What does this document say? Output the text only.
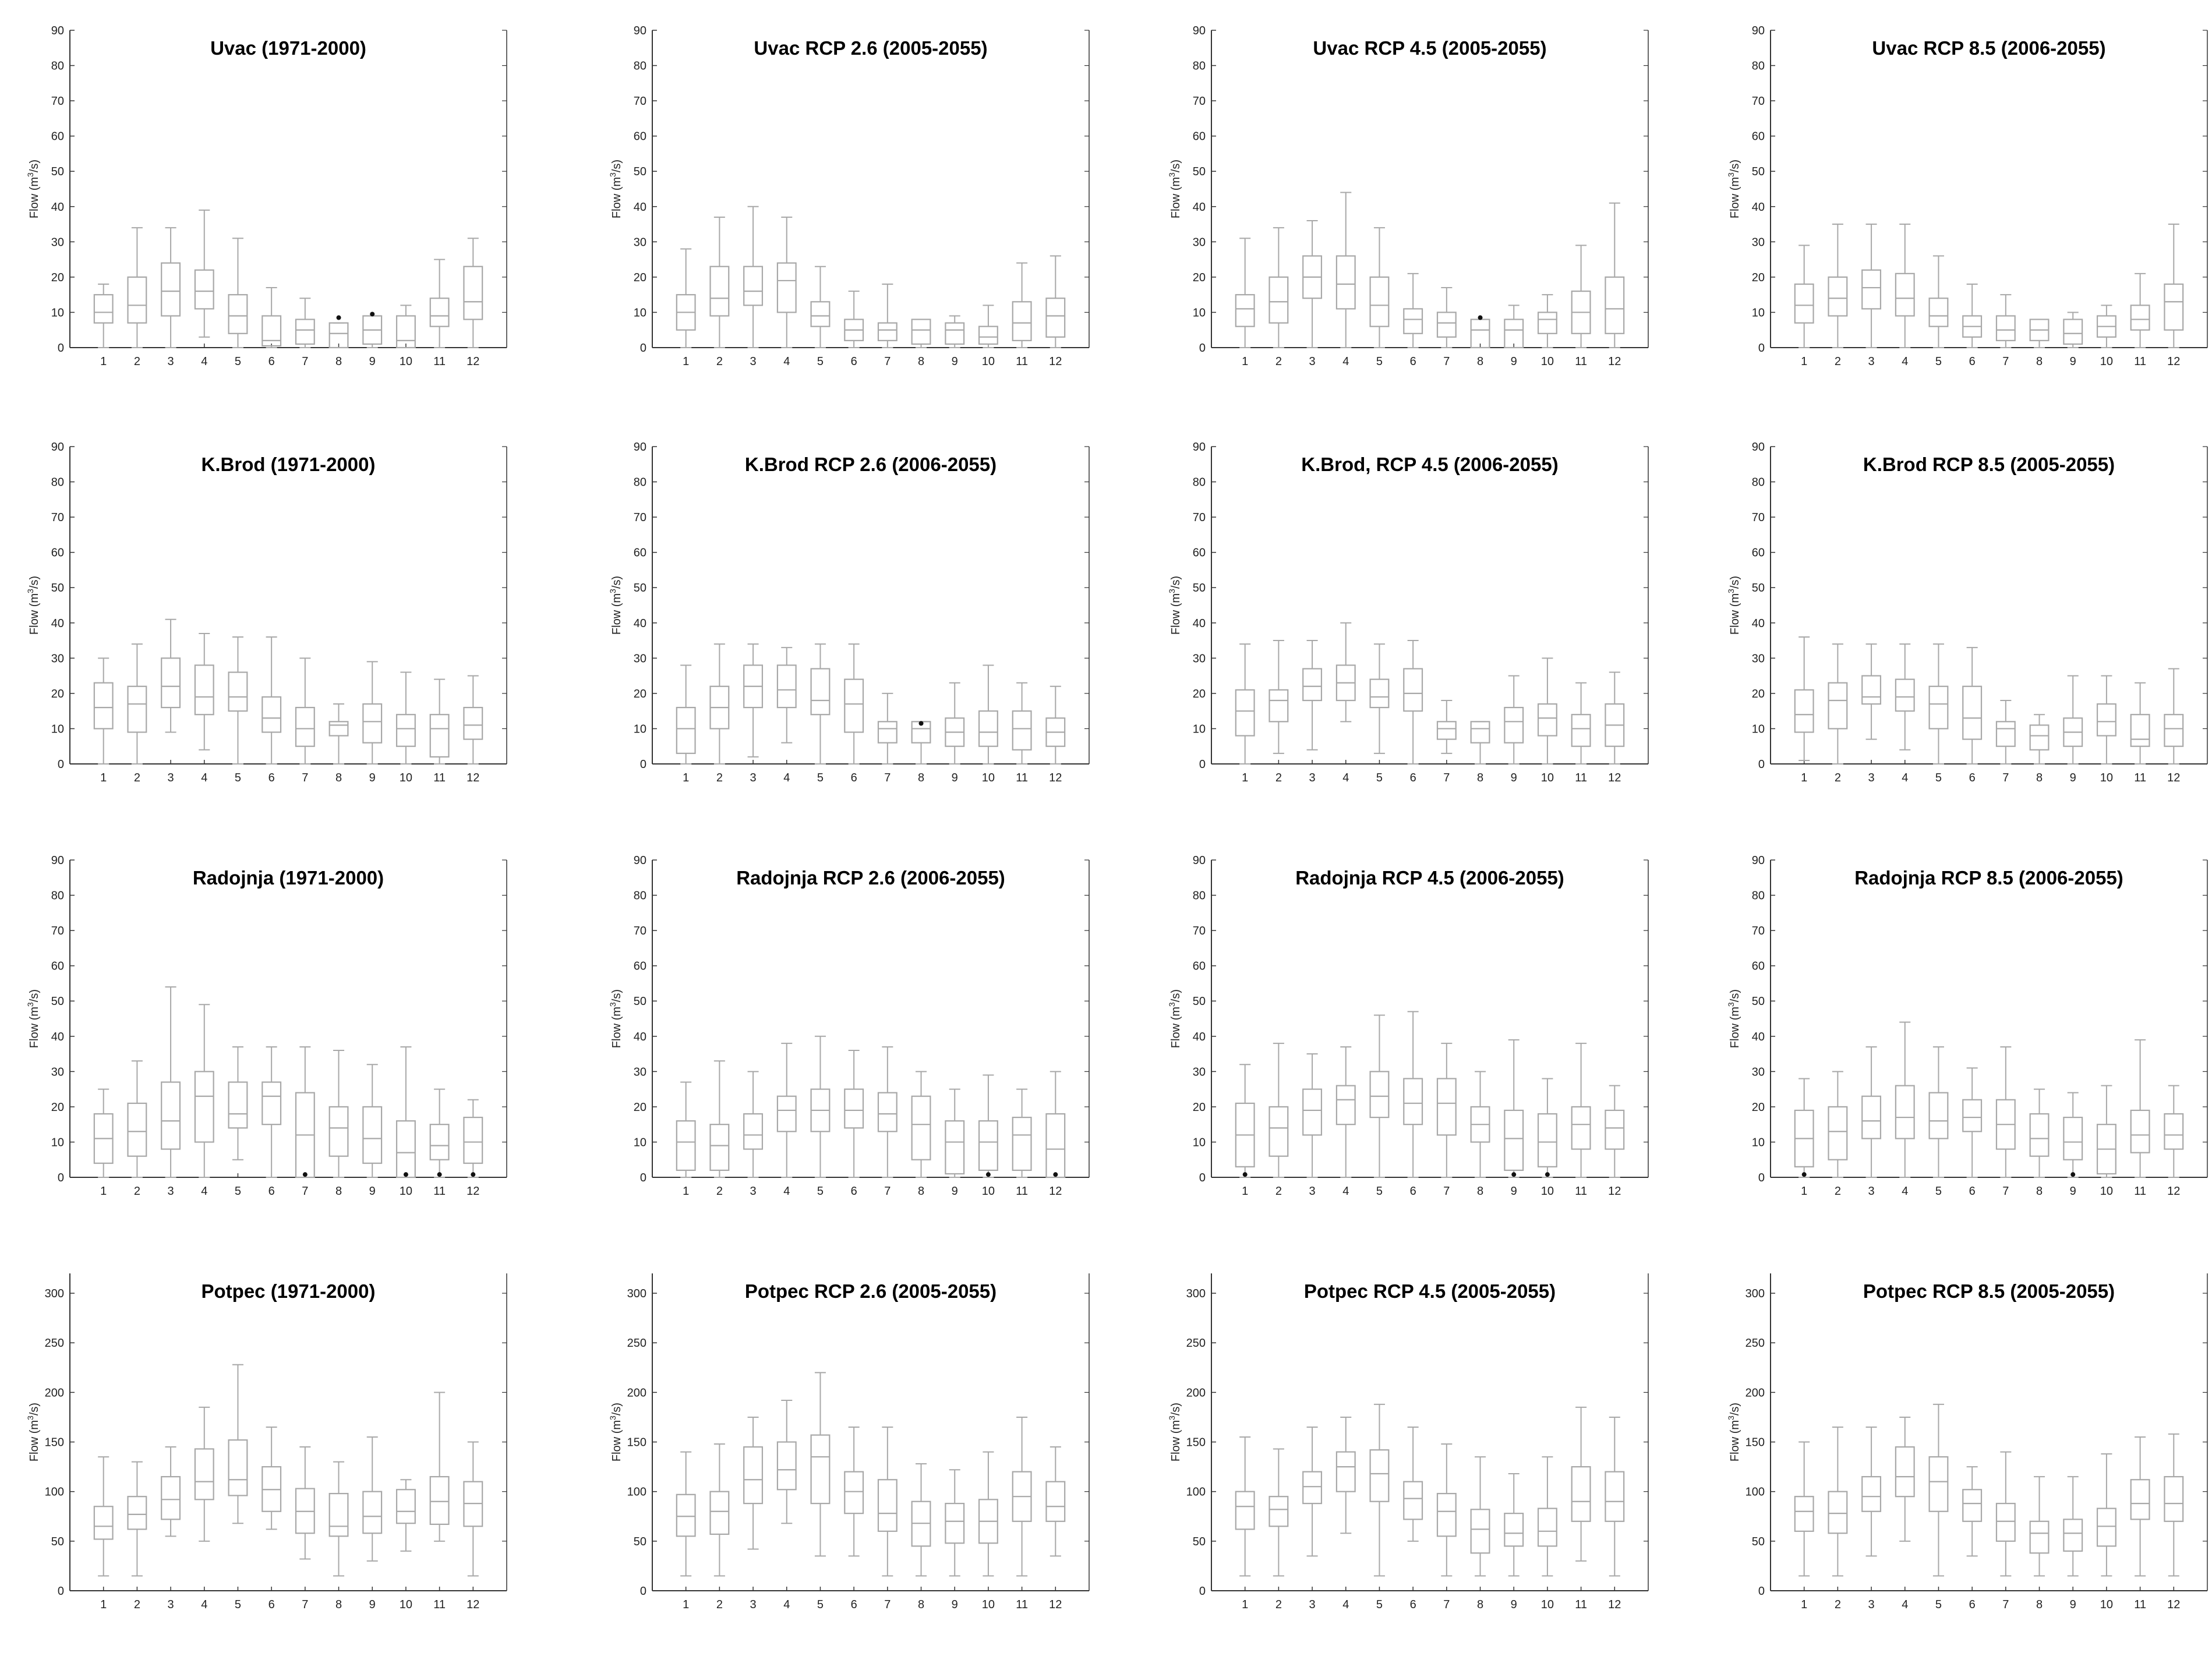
Uvac (1971-2000)
0
10
20
30
40
50
60
70
80
90
Flow $(m^3/s)$
1 2 3 4 5 6 7 8 9 10 11 12
Uvac RCP 2.6 (2005-2055)
0
10
20
30
40
50
60
70
80
90
Flow $(m^3/s)$
1 2 3 4 5 6 7 8 9 10 11 12
Uvac RCP 4.5 (2005-2055)
0
10
20
30
40
50
60
70
80
90
Flow $(m^3/s)$
1 2 3 4 5 6 7 8 9 10 11 12
Uvac RCP 8.5 (2006-2055)
0
10
20
30
40
50
60
70
80
90
Flow $(m^3/s)$
1 2 3 4 5 6 7 8 9 10 11 12
K.Brod (1971-2000)
0
10
20
30
40
50
60
70
80
90
Flow $(m^3/s)$
1 2 3 4 5 6 7 8 9 10 11 12
K.Brod RCP 2.6 (2006-2055)
0
10
20
30
40
50
60
70
80
90
Flow $(m^3/s)$
1 2 3 4 5 6 7 8 9 10 11 12
K.Brod, RCP 4.5 (2006-2055)
0
10
20
30
40
50
60
70
80
90
Flow $(m^3/s)$
1 2 3 4 5 6 7 8 9 10 11 12
K.Brod RCP 8.5 (2005-2055)
0
10
20
30
40
50
60
70
80
90
Flow $(m^3/s)$
1 2 3 4 5 6 7 8 9 10 11 12
Radojnja (1971-2000)
0
10
20
30
40
50
60
70
80
90
Flow $(m^3/s)$
1 2 3 4 5 6 7 8 9 10 11 12
Radojnja RCP 2.6 (2006-2055)
0
10
20
30
40
50
60
70
80
90
Flow $(m^3/s)$
1 2 3 4 5 6 7 8 9 10 11 12
Radojnja RCP 4.5 (2006-2055)
0
10
20
30
40
50
60
70
80
90
Flow $(m^3/s)$
1 2 3 4 5 6 7 8 9 10 11 12
Radojnja RCP 8.5 (2006-2055)
0
10
20
30
40
50
60
70
80
90
Flow $(m^3/s)$
1 2 3 4 5 6 7 8 9 10 11 12
Potpec (1971-2000)
0
50
100
150
200
250
300
Flow $(m^3/s)$
1 2 3 4 5 6 7 8 9 10 11 12
Potpec RCP 2.6 (2005-2055)
0
50
100
150
200
250
300
Flow $(m^3/s)$
1 2 3 4 5 6 7 8 9 10 11 12
Potpec RCP 4.5 (2005-2055)
0
50
100
150
200
250
300
Flow $(m^3/s)$
1 2 3 4 5 6 7 8 9 10 11 12
Potpec RCP 8.5 (2005-2055)
0
50
100
150
200
250
300
Flow $(m^3/s)$
1 2 3 4 5 6 7 8 9 10 11 12
